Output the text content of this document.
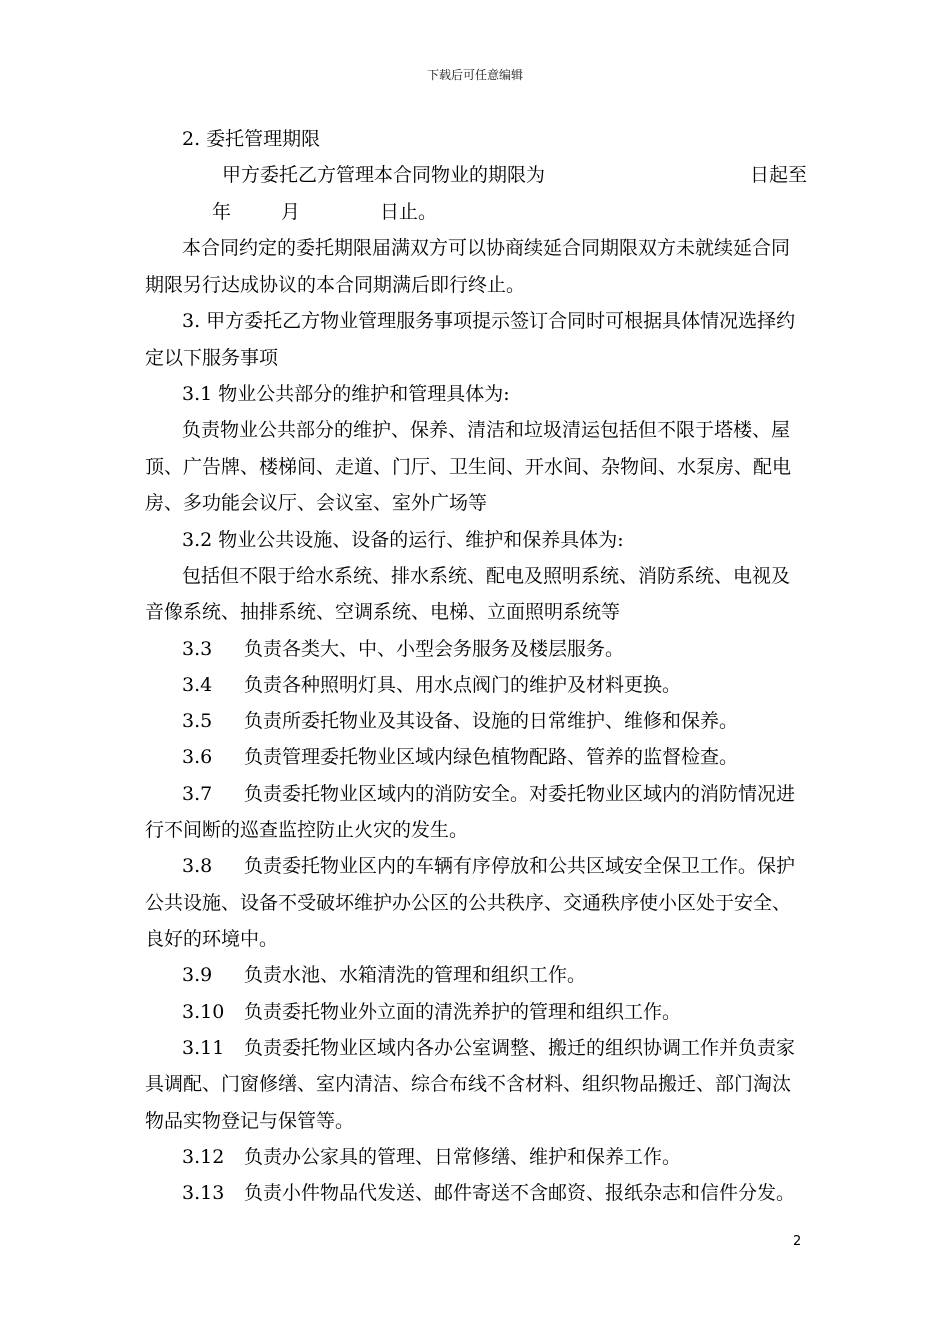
下载后可任意编辑
2. 委托管理期限
甲方委托乙方管理本合同物业的期限为	日起至
年	月	日止。
本合同约定的委托期限届满双方可以协商续延合同期限双方未就续延合同
期限另行达成协议的本合同期满后即行终止。
3. 甲方委托乙方物业管理服务事项提示签订合同时可根据具体情况选择约
定以下服务事项
3.1 物业公共部分的维护和管理具体为:
负责物业公共部分的维护、保养、清洁和垃圾清运包括但不限于塔楼、屋
顶、广告牌、楼梯间、走道、门厅、卫生间、开水间、杂物间、水泵房、配电
房、多功能会议厅、会议室、室外广场等
3.2 物业公共设施、设备的运行、维护和保养具体为:
包括但不限于给水系统、排水系统、配电及照明系统、消防系统、电视及
音像系统、抽排系统、空调系统、电梯、立面照明系统等
3.3 负责各类大、中、小型会务服务及楼层服务。
3.4 负责各种照明灯具、用水点阀门的维护及材料更换。
3.5 负责所委托物业及其设备、设施的日常维护、维修和保养。
3.6 负责管理委托物业区域内绿色植物配路、管养的监督检查。
3.7 负责委托物业区域内的消防安全。对委托物业区域内的消防情况进
行不间断的巡查监控防止火灾的发生。
3.8 负责委托物业区内的车辆有序停放和公共区域安全保卫工作。保护
公共设施、设备不受破坏维护办公区的公共秩序、交通秩序使小区处于安全、
良好的环境中。
3.9 负责水池、水箱清洗的管理和组织工作。
3.10 负责委托物业外立面的清洗养护的管理和组织工作。
3.11 负责委托物业区域内各办公室调整、搬迁的组织协调工作并负责家
具调配、门窗修缮、室内清洁、综合布线不含材料、组织物品搬迁、部门淘汰
物品实物登记与保管等。
3.12 负责办公家具的管理、日常修缮、维护和保养工作。
3.13 负责小件物品代发送、邮件寄送不含邮资、报纸杂志和信件分发。
2
